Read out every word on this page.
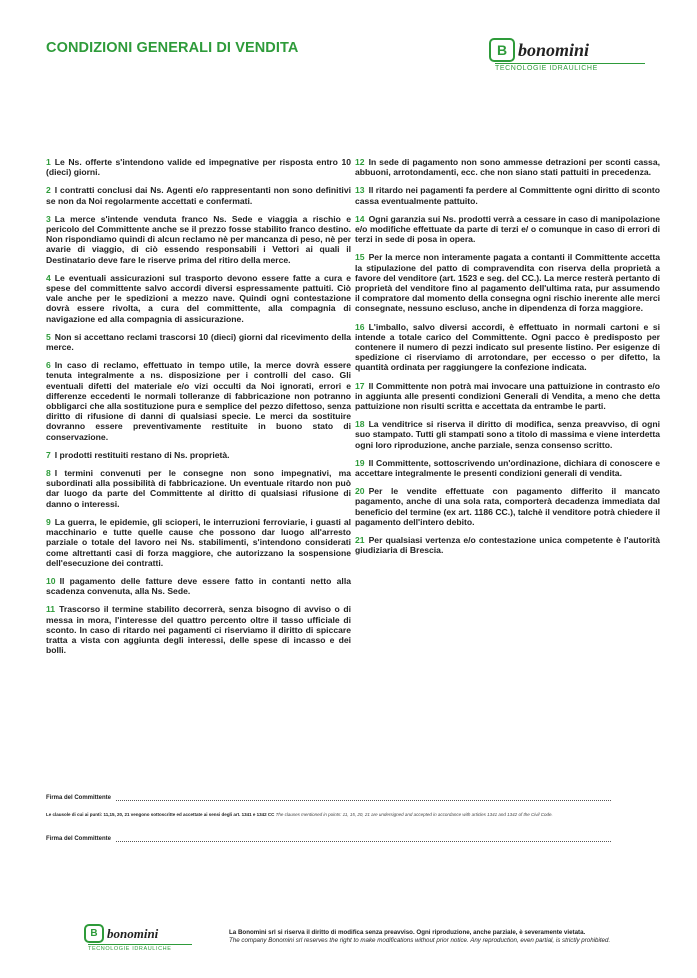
CONDIZIONI GENERALI DI VENDITA	B bonomini
TECNOLOGIE IDRAULICHE

1 Le Ns. offerte s'intendono valide ed impegnative per risposta entro 10 (dieci) giorni.

2 I contratti conclusi dai Ns. Agenti e/o rappresentanti non sono definitivi se non da Noi regolarmente accettati e confermati.

3 La merce s'intende venduta franco Ns. Sede e viaggia a rischio e pericolo del Committente anche se il prezzo fosse stabilito franco destino. Non rispondiamo quindi di alcun reclamo nè per mancanza di peso, nè per avarie di viaggio, di ciò essendo responsabili i Vettori ai quali il Destinatario deve fare le riserve prima del ritiro della merce.

4 Le eventuali assicurazioni sul trasporto devono essere fatte a cura e spese del committente salvo accordi diversi espressamente pattuiti. Ciò vale anche per le spedizioni a mezzo nave. Quindi ogni contestazione dovrà essere rivolta, a cura del committente, alla compagnia di navigazione ed alla compagnia di assicurazione.

5 Non si accettano reclami trascorsi 10 (dieci) giorni dal ricevimento della merce.

6 In caso di reclamo, effettuato in tempo utile, la merce dovrà essere tenuta integralmente a ns. disposizione per i controlli del caso. Gli eventuali difetti del materiale e/o vizi occulti da Noi ignorati, errori e differenze eccedenti le normali tolleranze di fabbricazione non potranno obbligarci che alla sostituzione pura e semplice del pezzo difettoso, senza diritto di rifusione di danni di qualsiasi specie. Le merci da sostituire dovranno essere preventivamente restituite in buono stato di conservazione.

7 I prodotti restituiti restano di Ns. proprietà.

8 I termini convenuti per le consegne non sono impegnativi, ma subordinati alla possibilità di fabbricazione. Un eventuale ritardo non può dar luogo da parte del Committente al diritto di qualsiasi rifusione di danno o interessi.

9 La guerra, le epidemie, gli scioperi, le interruzioni ferroviarie, i guasti al macchinario e tutte quelle cause che possono dar luogo all'arresto parziale o totale del lavoro nei Ns. stabilimenti, s'intendono considerati come altrettanti casi di forza maggiore, che autorizzano la sospensione dell'esecuzione dei contratti.

10 Il pagamento delle fatture deve essere fatto in contanti netto alla scadenza convenuta, alla Ns. Sede.

11 Trascorso il termine stabilito decorrerà, senza bisogno di avviso o di messa in mora, l'interesse del quattro percento oltre il tasso ufficiale di sconto. In caso di ritardo nei pagamenti ci riserviamo il diritto di spiccare tratta a vista con aggiunta degli interessi, delle spese di incasso e dei bolli.

12 In sede di pagamento non sono ammesse detrazioni per sconti cassa, abbuoni, arrotondamenti, ecc. che non siano stati pattuiti in precedenza.

13 Il ritardo nei pagamenti fa perdere al Committente ogni diritto di sconto cassa eventualmente pattuito.

14 Ogni garanzia sui Ns. prodotti verrà a cessare in caso di manipolazione e/o modifiche effettuate da parte di terzi e/ o comunque in caso di errori di terzi in sede di posa in opera.

15 Per la merce non interamente pagata a contanti il Committente accetta la stipulazione del patto di compravendita con riserva della proprietà a favore del venditore (art. 1523 e seg. del CC.). La merce resterà pertanto di proprietà del venditore fino al pagamento dell'ultima rata, pur assumendo il compratore dal momento della consegna ogni rischio inerente alle merci consegnate, nessuno escluso, anche in dipendenza di forza maggiore.

16 L'imballo, salvo diversi accordi, è effettuato in normali cartoni e si intende a totale carico del Committente. Ogni pacco è predisposto per contenere il numero di pezzi indicato sul presente listino. Per esigenze di spedizione ci riserviamo di arrotondare, per eccesso o per difetto, la quantità ordinata per raggiungere la confezione indicata.

17 Il Committente non potrà mai invocare una pattuizione in contrasto e/o in aggiunta alle presenti condizioni Generali di Vendita, a meno che detta pattuizione non risulti scritta e accettata da entrambe le parti.

18 La venditrice si riserva il diritto di modifica, senza preavviso, di ogni suo stampato. Tutti gli stampati sono a titolo di massima e viene interdetta ogni loro riproduzione, anche parziale, senza consenso scritto.

19 Il Committente, sottoscrivendo un'ordinazione, dichiara di conoscere e accettare integralmente le presenti condizioni generali di vendita.

20 Per le vendite effettuate con pagamento differito il mancato pagamento, anche di una sola rata, comporterà decadenza immediata dal beneficio del termine (ex art. 1186 CC.), talchè il venditore potrà chiedere il pagamento dell'intero debito.

21 Per qualsiasi vertenza e/o contestazione unica competente è l'autorità giudiziaria di Brescia.

Firma del Committente
Le clausole di cui ai punti: 11,15, 20, 21 vengono sottoscritte ed accettate ai sensi degli art. 1341 e 1342 CC The clauses mentioned in points: 11, 15, 20, 21 are undersigned and accepted in accordance with articles 1341 and 1342 of the Civil Code.
Firma del Committente
B bonomini
TECNOLOGIE IDRAULICHE
La Bonomini srl si riserva il diritto di modifica senza preavviso. Ogni riproduzione, anche parziale, è severamente vietata.
The company Bonomini srl reserves the right to make modifications without prior notice. Any reproduction, even partial, is strictly prohibited.
